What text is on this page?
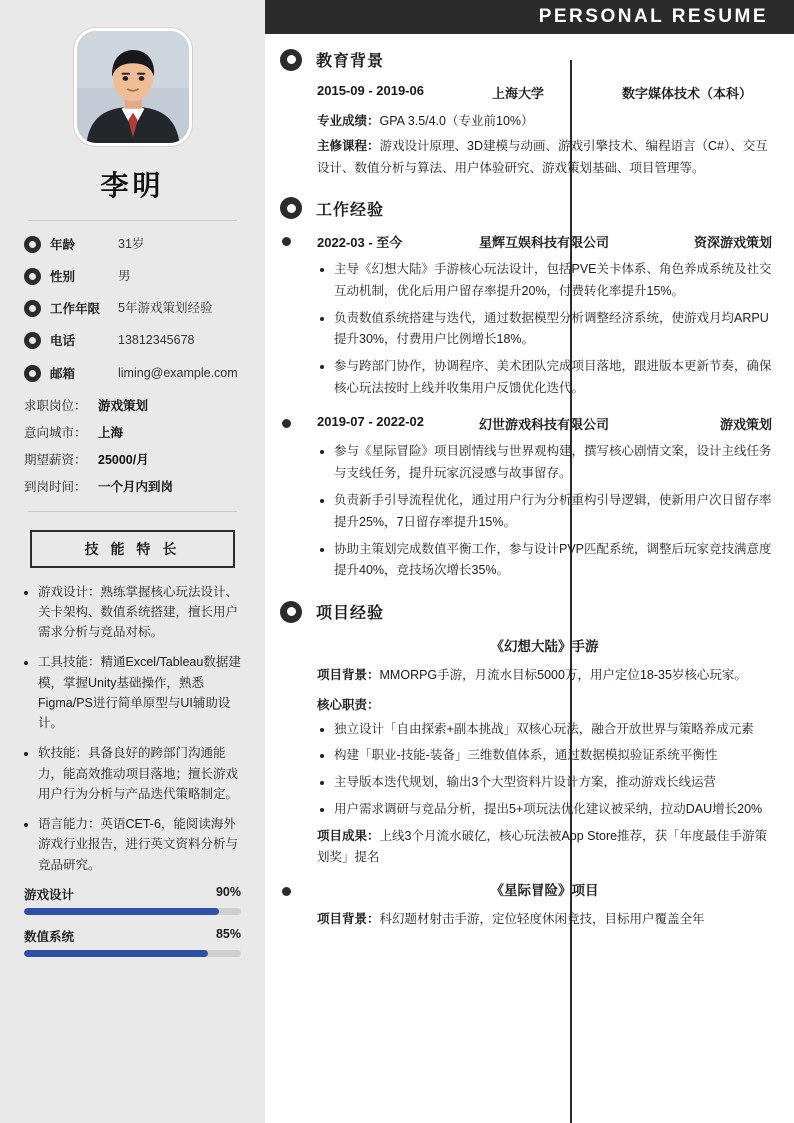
PERSONAL RESUME
李明
年龄	31岁
性别	男
工作年限	5年游戏策划经验
电话	13812345678
邮箱	liming@example.com
求职岗位： 游戏策划
意向城市： 上海
期望薪资： 25000/月
到岗时间： 一个月内到岗
技 能 特 长
• 游戏设计：熟练掌握核心玩法设计、关卡架构、数值系统搭建，擅长用户需求分析与竞品对标。
• 工具技能：精通Excel/Tableau数据建模，掌握Unity基础操作，熟悉Figma/PS进行简单原型与UI辅助设计。
• 软技能：具备良好的跨部门沟通能力，能高效推动项目落地；擅长游戏用户行为分析与产品迭代策略制定。
• 语言能力：英语CET-6，能阅读海外游戏行业报告，进行英文资料分析与竞品研究。
游戏设计	90%
数值系统	85%
教育背景
2015-09 - 2019-06	上海大学	数字媒体技术（本科）
专业成绩：GPA 3.5/4.0（专业前10%）
主修课程：游戏设计原理、3D建模与动画、游戏引擎技术、编程语言（C#）、交互设计、数值分析与算法、用户体验研究、游戏策划基础、项目管理等。
工作经验
2022-03 - 至今	星辉互娱科技有限公司	资深游戏策划
• 主导《幻想大陆》手游核心玩法设计，包括PVE关卡体系、角色养成系统及社交互动机制，优化后用户留存率提升20%，付费转化率提升15%。
• 负责数值系统搭建与迭代，通过数据模型分析调整经济系统，使游戏月均ARPU提升30%，付费用户比例增长18%。
• 参与跨部门协作，协调程序、美术团队完成项目落地，跟进版本更新节奏，确保核心玩法按时上线并收集用户反馈优化迭代。
2019-07 - 2022-02	幻世游戏科技有限公司	游戏策划
• 参与《星际冒险》项目剧情线与世界观构建，撰写核心剧情文案，设计主线任务与支线任务，提升玩家沉浸感与故事留存。
• 负责新手引导流程优化，通过用户行为分析重构引导逻辑，使新用户次日留存率提升25%，7日留存率提升15%。
• 协助主策划完成数值平衡工作，参与设计PVP匹配系统，调整后玩家竞技满意度提升40%，竞技场次增长35%。
项目经验
《幻想大陆》手游
项目背景：MMORPG手游，月流水目标5000万，用户定位18-35岁核心玩家。
核心职责：
• 独立设计「自由探索+副本挑战」双核心玩法，融合开放世界与策略养成元素
• 构建「职业-技能-装备」三维数值体系，通过数据模拟验证系统平衡性
• 主导版本迭代规划，输出3个大型资料片设计方案，推动游戏长线运营
• 用户需求调研与竞品分析，提出5+项玩法优化建议被采纳，拉动DAU增长20%
项目成果：上线3个月流水破亿，核心玩法被App Store推荐，获「年度最佳手游策划奖」提名
《星际冒险》项目
项目背景：科幻题材射击手游，定位轻度休闲竞技，目标用户覆盖全年
